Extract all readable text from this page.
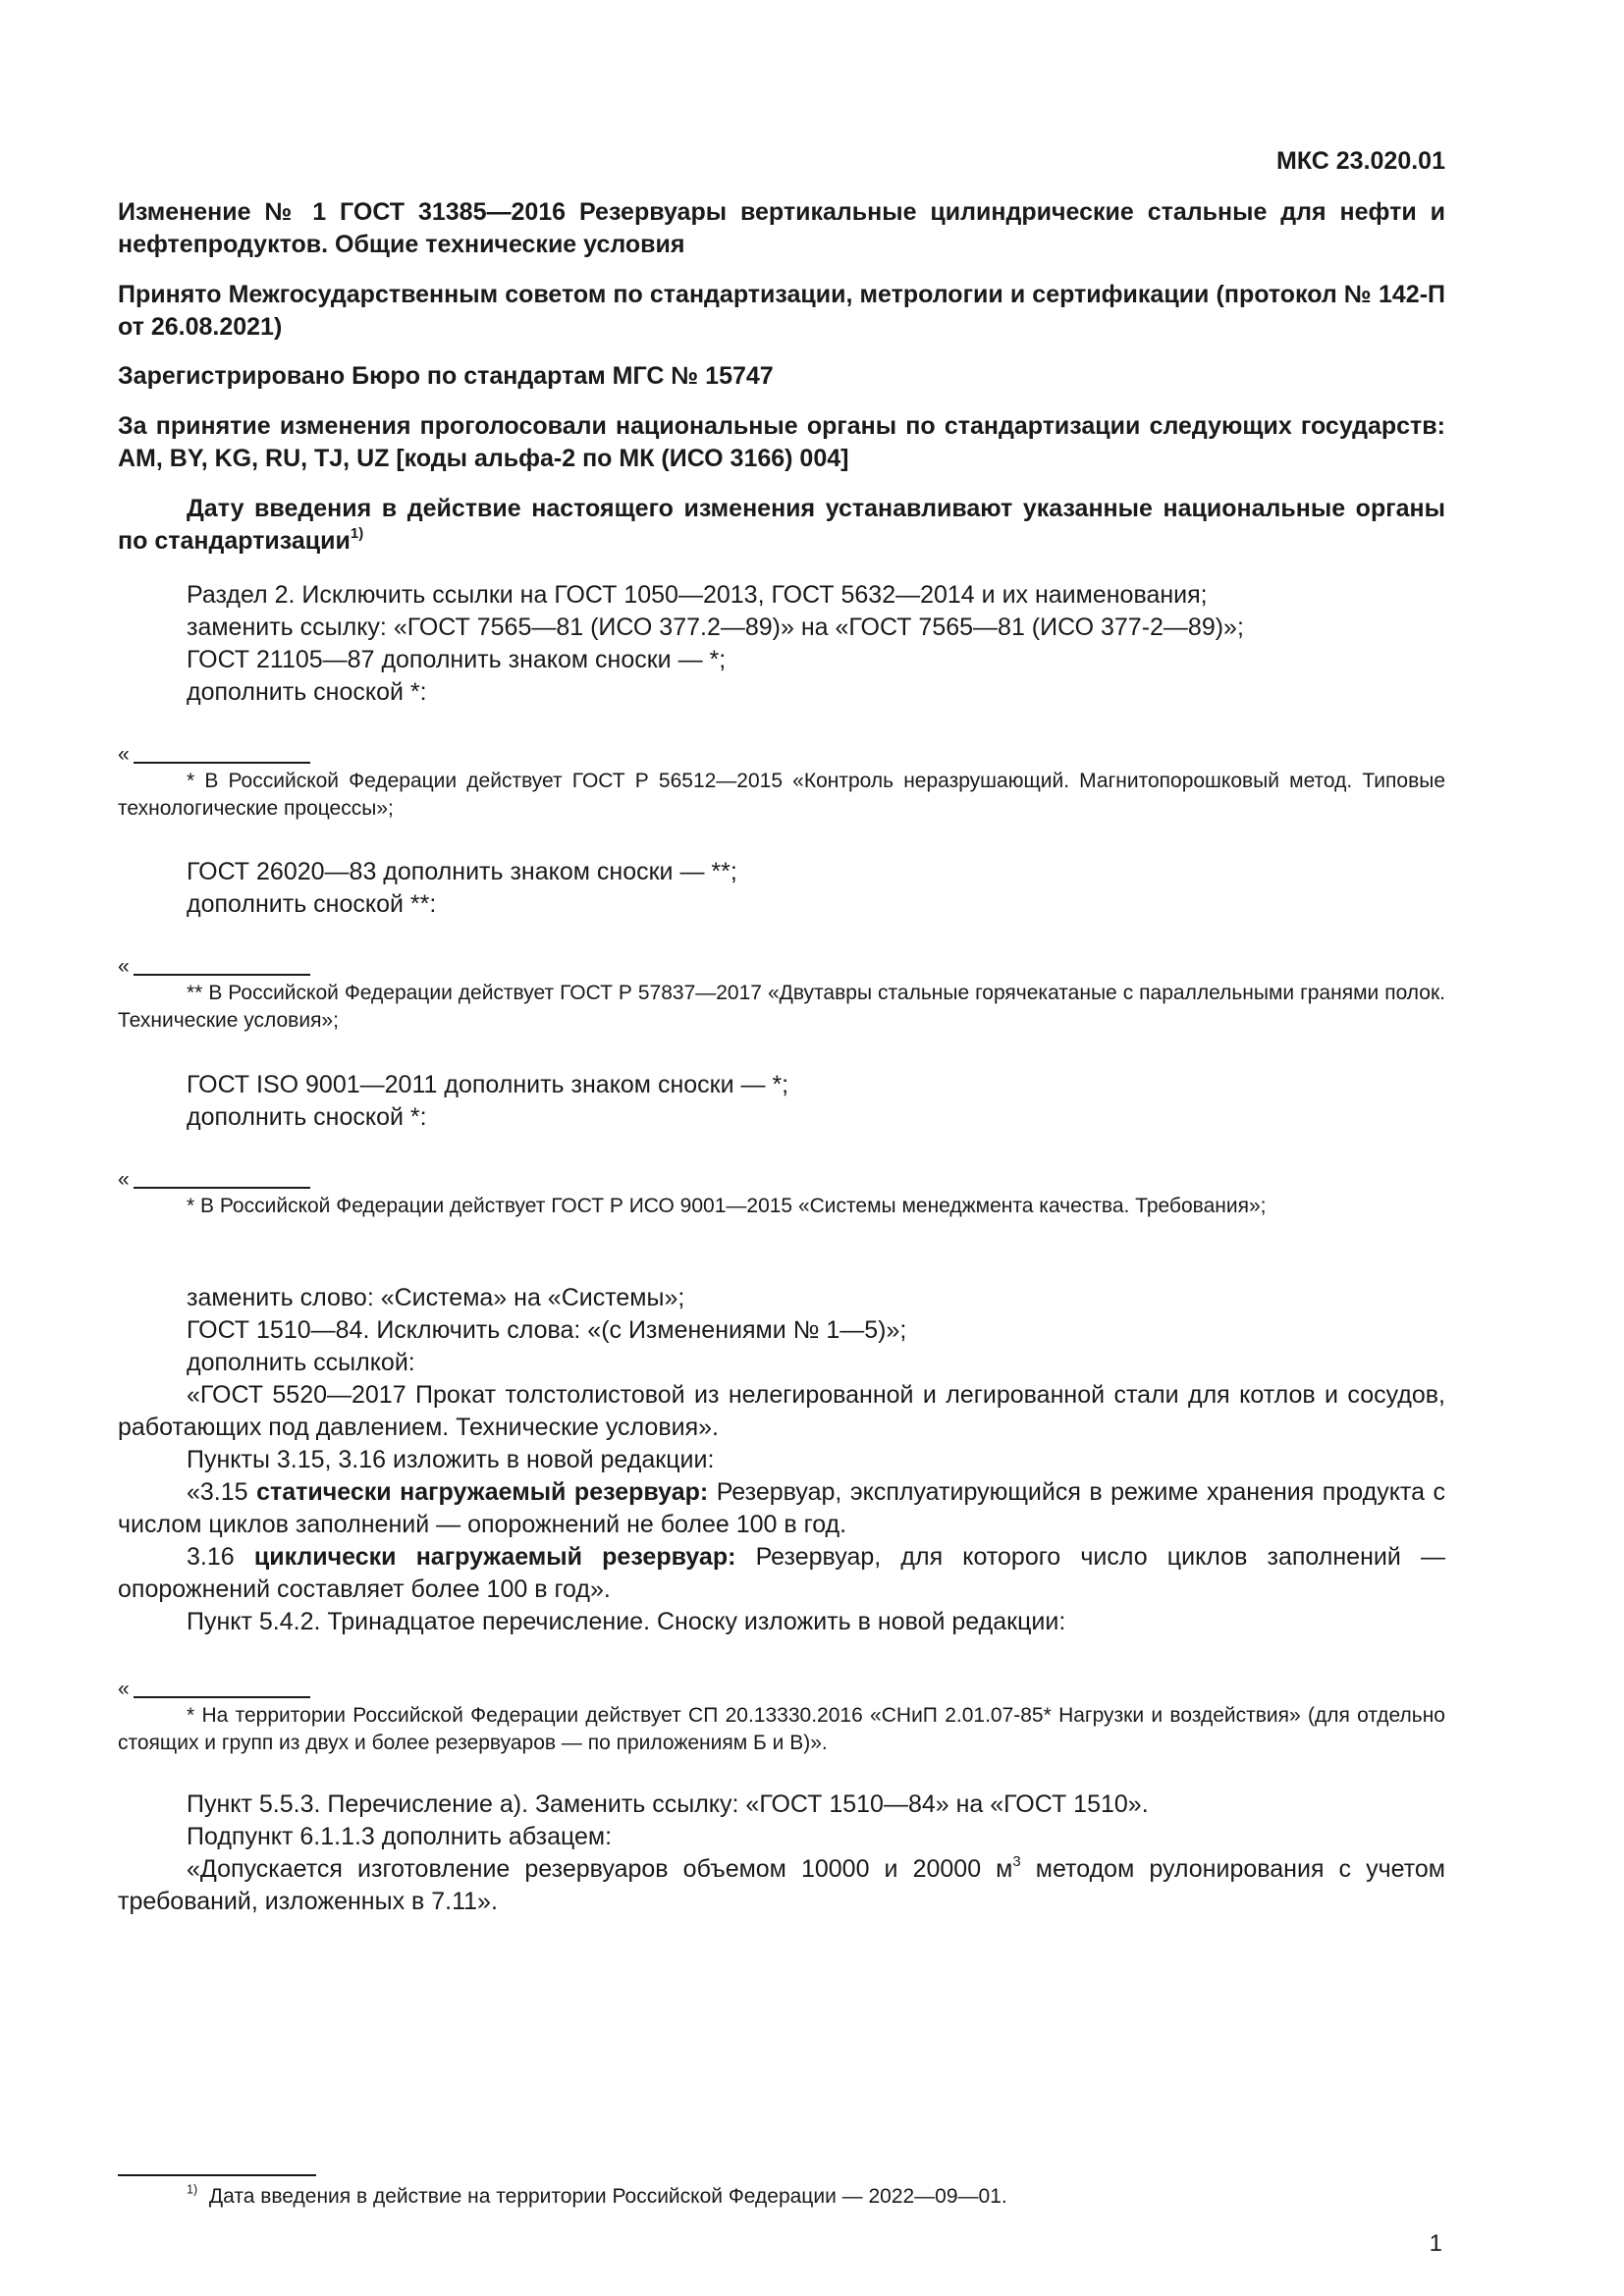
МКС 23.020.01

Изменение № 1 ГОСТ 31385—2016 Резервуары вертикальные цилиндрические стальные для нефти и нефтепродуктов. Общие технические условия

Принято Межгосударственным советом по стандартизации, метрологии и сертификации (протокол № 142-П от 26.08.2021)

Зарегистрировано Бюро по стандартам МГС № 15747

За принятие изменения проголосовали национальные органы по стандартизации следующих государств: AM, BY, KG, RU, TJ, UZ [коды альфа-2 по МК (ИСО 3166) 004]

Дату введения в действие настоящего изменения устанавливают указанные национальные органы по стандартизации$^{1)}$

Раздел 2. Исключить ссылки на ГОСТ 1050—2013, ГОСТ 5632—2014 и их наименования;

заменить ссылку: «ГОСТ 7565—81 (ИСО 377.2—89)» на «ГОСТ 7565—81 (ИСО 377-2—89)»;

ГОСТ 21105—87 дополнить знаком сноски — *;

дополнить сноской *:

«

* В Российской Федерации действует ГОСТ Р 56512—2015 «Контроль неразрушающий. Магнитопорошковый метод. Типовые технологические процессы»;

ГОСТ 26020—83 дополнить знаком сноски — **;

дополнить сноской **:

«

** В Российской Федерации действует ГОСТ Р 57837—2017 «Двутавры стальные горячекатаные с параллельными гранями полок. Технические условия»;

ГОСТ ISO 9001—2011 дополнить знаком сноски — *;

дополнить сноской *:

«

* В Российской Федерации действует ГОСТ Р ИСО 9001—2015 «Системы менеджмента качества. Требования»;

заменить слово: «Система» на «Системы»;

ГОСТ 1510—84. Исключить слова: «(с Изменениями № 1—5)»;

дополнить ссылкой:

«ГОСТ 5520—2017 Прокат толстолистовой из нелегированной и легированной стали для котлов и сосудов, работающих под давлением. Технические условия».

Пункты 3.15, 3.16 изложить в новой редакции:

«3.15 статически нагружаемый резервуар: Резервуар, эксплуатирующийся в режиме хранения продукта с числом циклов заполнений — опорожнений не более 100 в год.

3.16 циклически нагружаемый резервуар: Резервуар, для которого число циклов заполнений — опорожнений составляет более 100 в год».

Пункт 5.4.2. Тринадцатое перечисление. Сноску изложить в новой редакции:

«

* На территории Российской Федерации действует СП 20.13330.2016 «СНиП 2.01.07-85* Нагрузки и воздействия» (для отдельно стоящих и групп из двух и более резервуаров — по приложениям Б и В)».

Пункт 5.5.3. Перечисление а). Заменить ссылку: «ГОСТ 1510—84» на «ГОСТ 1510».

Подпункт 6.1.1.3 дополнить абзацем:

«Допускается изготовление резервуаров объемом 10000 и 20000 $м^3$ методом рулонирования с учетом требований, изложенных в 7.11».

$^{1)}$ Дата введения в действие на территории Российской Федерации — 2022—09—01.
1
